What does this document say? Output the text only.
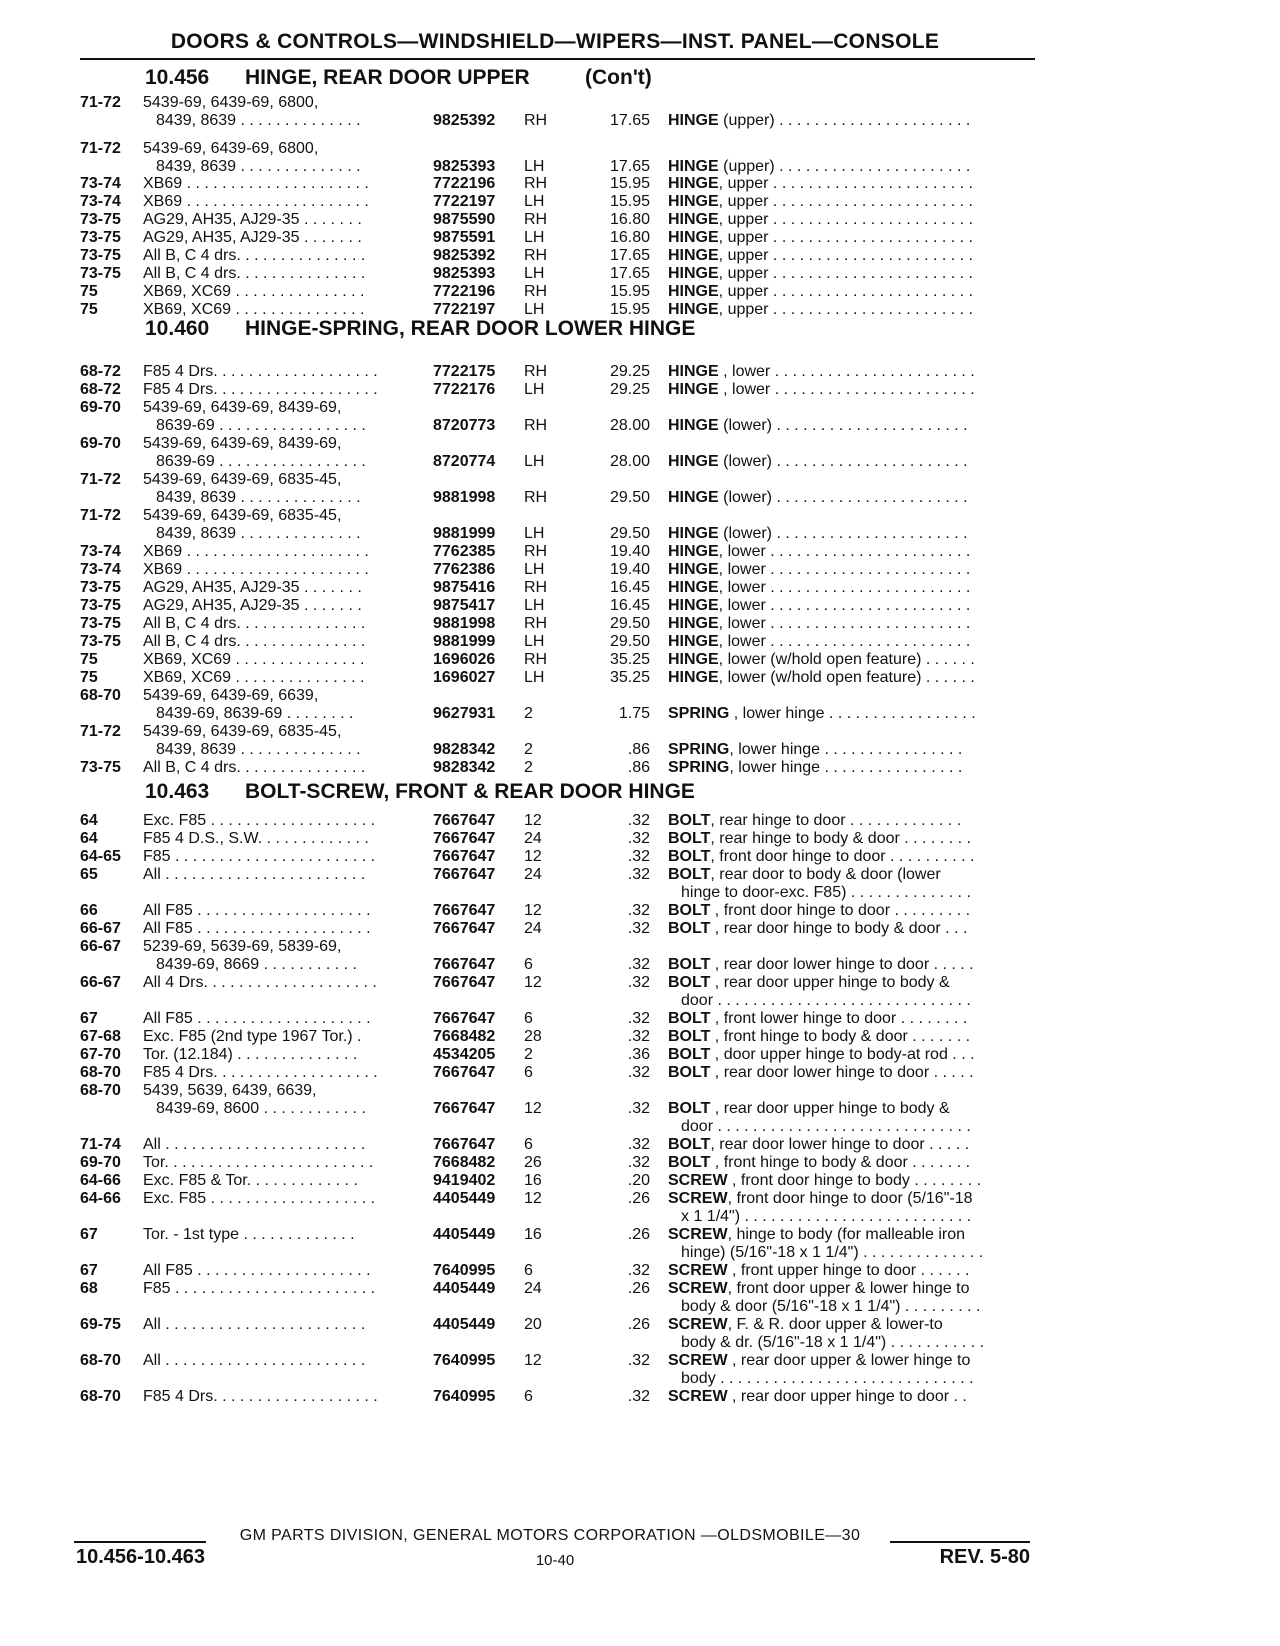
DOORS & CONTROLS—WINDSHIELD—WIPERS—INST. PANEL—CONSOLE
10.456 HINGE, REAR DOOR UPPER	(Con't)
10.460 HINGE-SPRING, REAR DOOR LOWER HINGE
10.463 BOLT-SCREW, FRONT & REAR DOOR HINGE
71-72 5439-69, 6439-69, 6800,
8439, 8639 . . . . . . . . . . . . . .	9825392 RH	17.65 HINGE (upper) . . . . . . . . . . . . . . . . . . . . . .
71-72 5439-69, 6439-69, 6800,
8439, 8639 . . . . . . . . . . . . . .	9825393 LH	17.65 HINGE (upper) . . . . . . . . . . . . . . . . . . . . . .
73-74 XB69 . . . . . . . . . . . . . . . . . . . . .	7722196 RH	15.95 HINGE, upper . . . . . . . . . . . . . . . . . . . . . . .
73-74 XB69 . . . . . . . . . . . . . . . . . . . . .	7722197 LH	15.95 HINGE, upper . . . . . . . . . . . . . . . . . . . . . . .
73-75 AG29, AH35, AJ29-35 . . . . . . .	9875590 RH	16.80 HINGE, upper . . . . . . . . . . . . . . . . . . . . . . .
73-75 AG29, AH35, AJ29-35 . . . . . . .	9875591 LH	16.80 HINGE, upper . . . . . . . . . . . . . . . . . . . . . . .
73-75 All B, C 4 drs. . . . . . . . . . . . . . .	9825392 RH	17.65 HINGE, upper . . . . . . . . . . . . . . . . . . . . . . .
73-75 All B, C 4 drs. . . . . . . . . . . . . . .	9825393 LH	17.65 HINGE, upper . . . . . . . . . . . . . . . . . . . . . . .
75	XB69, XC69 . . . . . . . . . . . . . . .	7722196 RH	15.95 HINGE, upper . . . . . . . . . . . . . . . . . . . . . . .
75	XB69, XC69 . . . . . . . . . . . . . . .	7722197 LH	15.95 HINGE, upper . . . . . . . . . . . . . . . . . . . . . . .
68-72 F85 4 Drs. . . . . . . . . . . . . . . . . . .	7722175 RH	29.25 HINGE , lower . . . . . . . . . . . . . . . . . . . . . . .
68-72 F85 4 Drs. . . . . . . . . . . . . . . . . . .	7722176 LH	29.25 HINGE , lower . . . . . . . . . . . . . . . . . . . . . . .
69-70 5439-69, 6439-69, 8439-69,
8639-69 . . . . . . . . . . . . . . . . .	8720773 RH	28.00 HINGE (lower) . . . . . . . . . . . . . . . . . . . . . .
69-70 5439-69, 6439-69, 8439-69,
8639-69 . . . . . . . . . . . . . . . . .	8720774 LH	28.00 HINGE (lower) . . . . . . . . . . . . . . . . . . . . . .
71-72 5439-69, 6439-69, 6835-45,
8439, 8639 . . . . . . . . . . . . . .	9881998 RH	29.50 HINGE (lower) . . . . . . . . . . . . . . . . . . . . . .
71-72 5439-69, 6439-69, 6835-45,
8439, 8639 . . . . . . . . . . . . . .	9881999 LH	29.50 HINGE (lower) . . . . . . . . . . . . . . . . . . . . . .
73-74 XB69 . . . . . . . . . . . . . . . . . . . . .	7762385 RH	19.40 HINGE, lower . . . . . . . . . . . . . . . . . . . . . . .
73-74 XB69 . . . . . . . . . . . . . . . . . . . . .	7762386 LH	19.40 HINGE, lower . . . . . . . . . . . . . . . . . . . . . . .
73-75 AG29, AH35, AJ29-35 . . . . . . .	9875416 RH	16.45 HINGE, lower . . . . . . . . . . . . . . . . . . . . . . .
73-75 AG29, AH35, AJ29-35 . . . . . . .	9875417 LH	16.45 HINGE, lower . . . . . . . . . . . . . . . . . . . . . . .
73-75 All B, C 4 drs. . . . . . . . . . . . . . .	9881998 RH	29.50 HINGE, lower . . . . . . . . . . . . . . . . . . . . . . .
73-75 All B, C 4 drs. . . . . . . . . . . . . . .	9881999 LH	29.50 HINGE, lower . . . . . . . . . . . . . . . . . . . . . . .
75	XB69, XC69 . . . . . . . . . . . . . . .	1696026 RH	35.25 HINGE, lower (w/hold open feature) . . . . . .
75	XB69, XC69 . . . . . . . . . . . . . . .	1696027 LH	35.25 HINGE, lower (w/hold open feature) . . . . . .
68-70 5439-69, 6439-69, 6639,
8439-69, 8639-69 . . . . . . . .	9627931 2	1.75 SPRING , lower hinge . . . . . . . . . . . . . . . . .
71-72 5439-69, 6439-69, 6835-45,
8439, 8639 . . . . . . . . . . . . . .	9828342 2	.86 SPRING, lower hinge . . . . . . . . . . . . . . . .
73-75 All B, C 4 drs. . . . . . . . . . . . . . .	9828342 2	.86 SPRING, lower hinge . . . . . . . . . . . . . . . .
64	Exc. F85 . . . . . . . . . . . . . . . . . . .	7667647 12	.32 BOLT, rear hinge to door . . . . . . . . . . . . .
64	F85 4 D.S., S.W. . . . . . . . . . . . .	7667647 24	.32 BOLT, rear hinge to body & door . . . . . . . .
64-65 F85 . . . . . . . . . . . . . . . . . . . . . . .	7667647 12	.32 BOLT, front door hinge to door . . . . . . . . . .
65	All . . . . . . . . . . . . . . . . . . . . . . .	7667647 24	.32 BOLT, rear door to body & door (lower
hinge to door-exc. F85) . . . . . . . . . . . . . .
66	All F85 . . . . . . . . . . . . . . . . . . . .	7667647 12	.32 BOLT , front door hinge to door . . . . . . . . .
66-67 All F85 . . . . . . . . . . . . . . . . . . . .	7667647 24	.32 BOLT , rear door hinge to body & door . . .
66-67 5239-69, 5639-69, 5839-69,
8439-69, 8669 . . . . . . . . . . .	7667647 6	.32 BOLT , rear door lower hinge to door . . . . .
66-67 All 4 Drs. . . . . . . . . . . . . . . . . . . .	7667647 12	.32 BOLT , rear door upper hinge to body &
door . . . . . . . . . . . . . . . . . . . . . . . . . . . . .
67	All F85 . . . . . . . . . . . . . . . . . . . .	7667647 6	.32 BOLT , front lower hinge to door . . . . . . . .
67-68 Exc. F85 (2nd type 1967 Tor.) .	7668482 28	.32 BOLT , front hinge to body & door . . . . . . .
67-70 Tor. (12.184) . . . . . . . . . . . . . .	4534205 2	.36 BOLT , door upper hinge to body-at rod . . .
68-70 F85 4 Drs. . . . . . . . . . . . . . . . . . .	7667647 6	.32 BOLT , rear door lower hinge to door . . . . .
68-70 5439, 5639, 6439, 6639,
8439-69, 8600 . . . . . . . . . . . .	7667647 12	.32 BOLT , rear door upper hinge to body &
door . . . . . . . . . . . . . . . . . . . . . . . . . . . . .
71-74 All . . . . . . . . . . . . . . . . . . . . . . .	7667647 6	.32 BOLT, rear door lower hinge to door . . . . .
69-70 Tor. . . . . . . . . . . . . . . . . . . . . . . .	7668482 26	.32 BOLT , front hinge to body & door . . . . . . .
64-66 Exc. F85 & Tor. . . . . . . . . . . . .	9419402 16	.20 SCREW , front door hinge to body . . . . . . . .
64-66 Exc. F85 . . . . . . . . . . . . . . . . . . .	4405449 12	.26 SCREW, front door hinge to door (5/16"-18
x 1 1/4") . . . . . . . . . . . . . . . . . . . . . . . . . .
67	Tor. - 1st type . . . . . . . . . . . . .	4405449 16	.26 SCREW, hinge to body (for malleable iron
hinge) (5/16"-18 x 1 1/4") . . . . . . . . . . . . . .
67	All F85 . . . . . . . . . . . . . . . . . . . .	7640995 6	.32 SCREW , front upper hinge to door . . . . . .
68	F85 . . . . . . . . . . . . . . . . . . . . . . .	4405449 24	.26 SCREW, front door upper & lower hinge to
body & door (5/16"-18 x 1 1/4") . . . . . . . . .
69-75 All . . . . . . . . . . . . . . . . . . . . . . .	4405449 20	.26 SCREW, F. & R. door upper & lower-to
body & dr. (5/16"-18 x 1 1/4") . . . . . . . . . . .
68-70 All . . . . . . . . . . . . . . . . . . . . . . .	7640995 12	.32 SCREW , rear door upper & lower hinge to
body . . . . . . . . . . . . . . . . . . . . . . . . . . . . .
68-70 F85 4 Drs. . . . . . . . . . . . . . . . . . .	7640995 6	.32 SCREW , rear door upper hinge to door . .
GM PARTS DIVISION, GENERAL MOTORS CORPORATION —OLDSMOBILE—30
10.456-10.463	10-40	REV. 5-80
